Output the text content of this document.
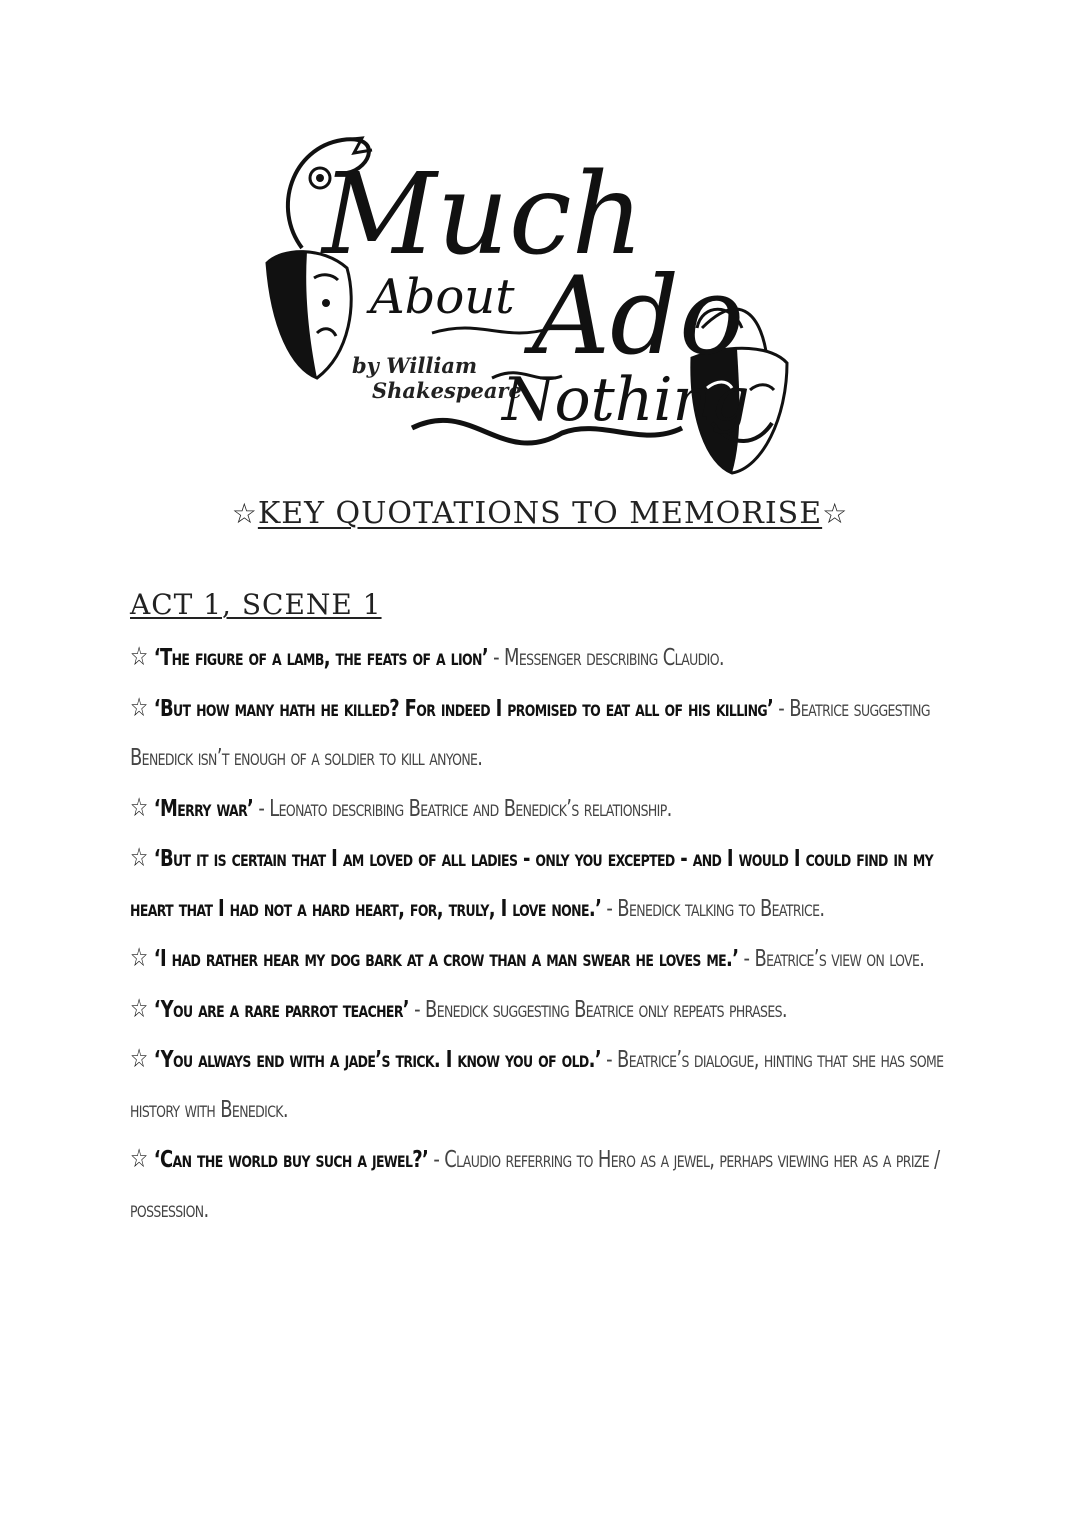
Much
About Ado
by William
Shakespeare
Nothing
☆KEY QUOTATIONS TO MEMORISE☆
ACT 1, SCENE 1
☆ ‘The figure of a lamb, the feats of a lion’ - Messenger describing Claudio.
☆ ‘But how many hath he killed? For indeed I promised to eat all of his killing’ - Beatrice suggesting Benedick isn’t enough of a soldier to kill anyone.
☆ ‘Merry war’ - Leonato describing Beatrice and Benedick’s relationship.
☆ ‘But it is certain that I am loved of all ladies - only you excepted - and I would I could find in my heart that I had not a hard heart, for, truly, I love none.’ - Benedick talking to Beatrice.
☆ ‘I had rather hear my dog bark at a crow than a man swear he loves me.’ - Beatrice’s view on love.
☆ ‘You are a rare parrot teacher’ - Benedick suggesting Beatrice only repeats phrases.
☆ ‘You always end with a jade’s trick. I know you of old.’ - Beatrice’s dialogue, hinting that she has some history with Benedick.
☆ ‘Can the world buy such a jewel?’ - Claudio referring to Hero as a jewel, perhaps viewing her as a prize / possession.
